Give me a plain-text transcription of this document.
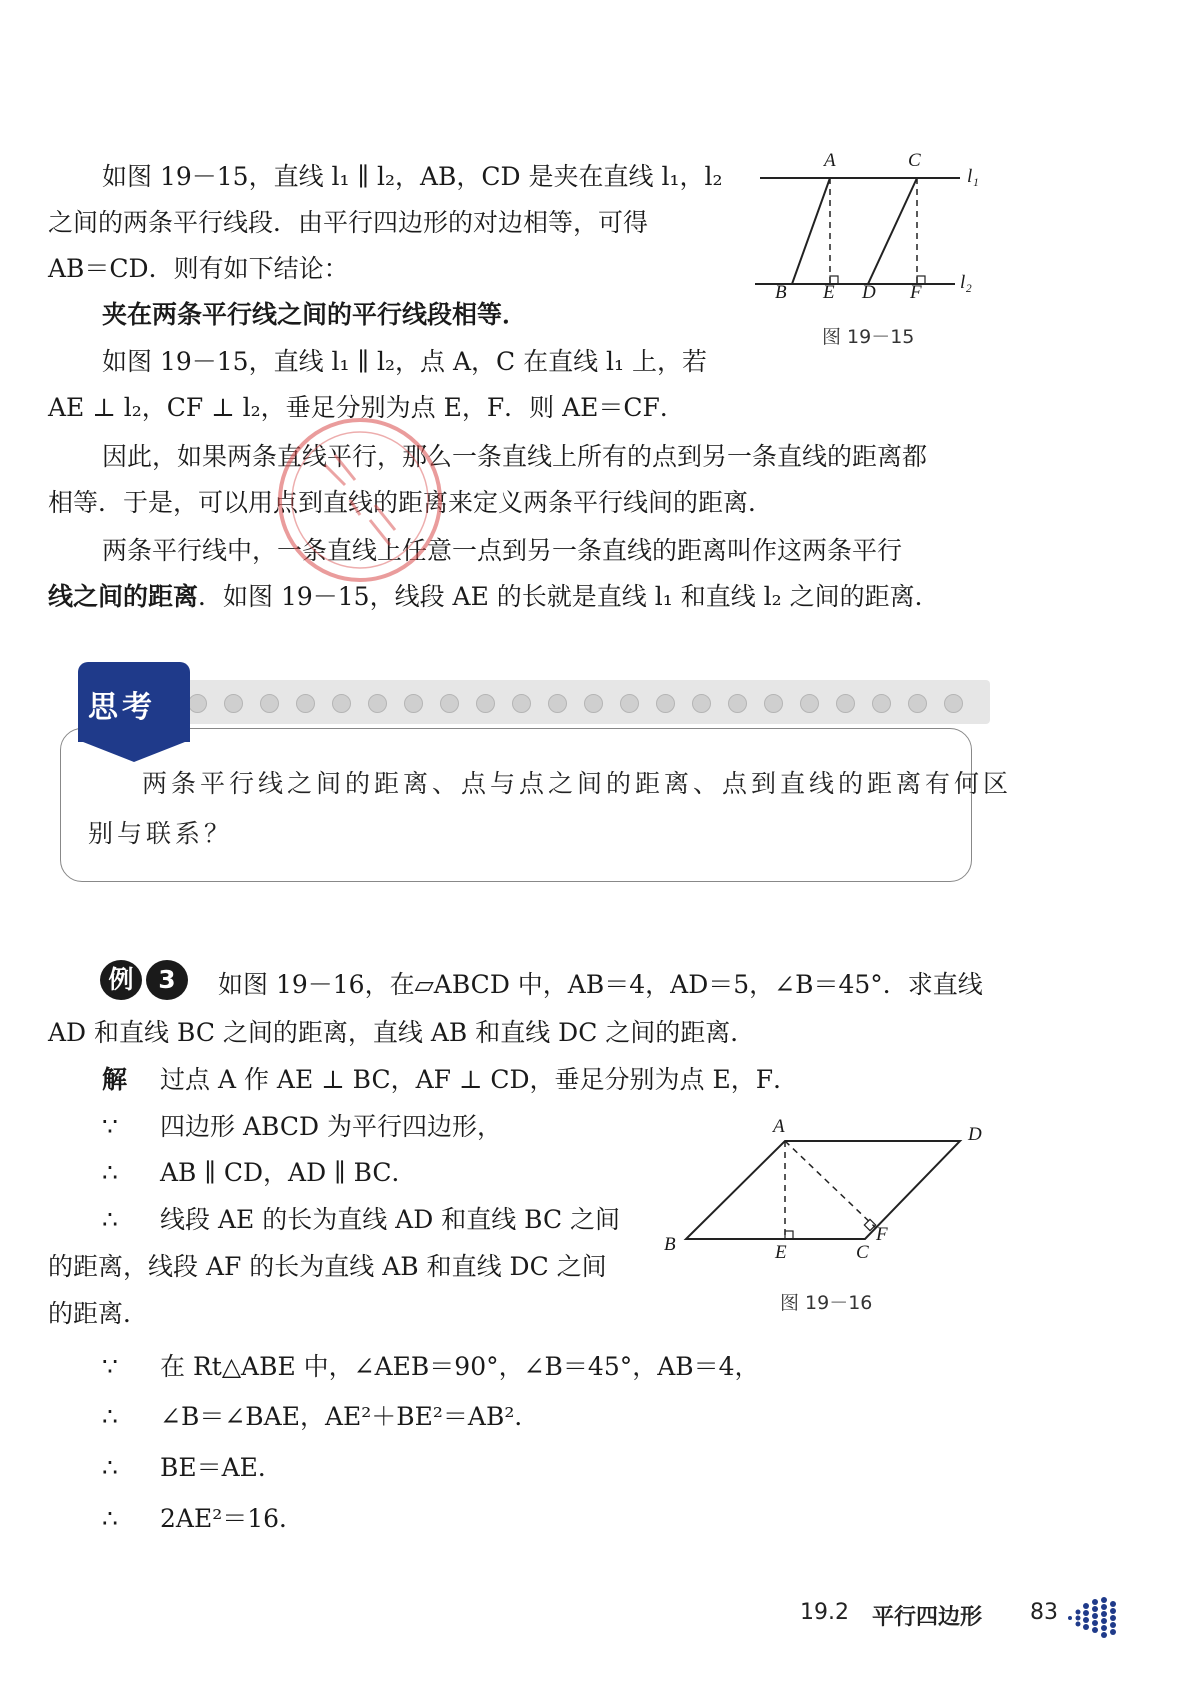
如图 19－15，直线 l₁ ∥ l₂，AB，CD 是夹在直线 l₁，l₂
之间的两条平行线段．由平行四边形的对边相等，可得
AB＝CD．则有如下结论：
夹在两条平行线之间的平行线段相等．
如图 19－15，直线 l₁ ∥ l₂，点 A，C 在直线 l₁ 上，若
AE ⊥ l₂，CF ⊥ l₂，垂足分别为点 E，F．则 AE＝CF．
因此，如果两条直线平行，那么一条直线上所有的点到另一条直线的距离都
相等．于是，可以用点到直线的距离来定义两条平行线间的距离．
两条平行线中，一条直线上任意一点到另一条直线的距离叫作这两条平行
线之间的距离．如图 19－15，线段 AE 的长就是直线 l₁ 和直线 l₂ 之间的距离．
A	C
l₁
l₂
B E D F
图 19－15
思考
两条平行线之间的距离、点与点之间的距离、点到直线的距离有何区
别与联系？
例 3	如图 19－16，在▱ABCD 中，AB＝4，AD＝5，∠B＝45°．求直线
AD 和直线 BC 之间的距离，直线 AB 和直线 DC 之间的距离．
解 过点 A 作 AE ⊥ BC，AF ⊥ CD，垂足分别为点 E，F．
∵ 四边形 ABCD 为平行四边形，
∴ AB ∥ CD，AD ∥ BC．
∴ 线段 AE 的长为直线 AD 和直线 BC 之间
的距离，线段 AF 的长为直线 AB 和直线 DC 之间
的距离．
∵ 在 Rt△ABE 中，∠AEB＝90°，∠B＝45°，AB＝4，
∴ ∠B＝∠BAE，AE²＋BE²＝AB²．
∴ BE＝AE．
∴ 2AE²＝16．
A	D
B	E	C
F
图 19－16
19.2 平行四边形 83
